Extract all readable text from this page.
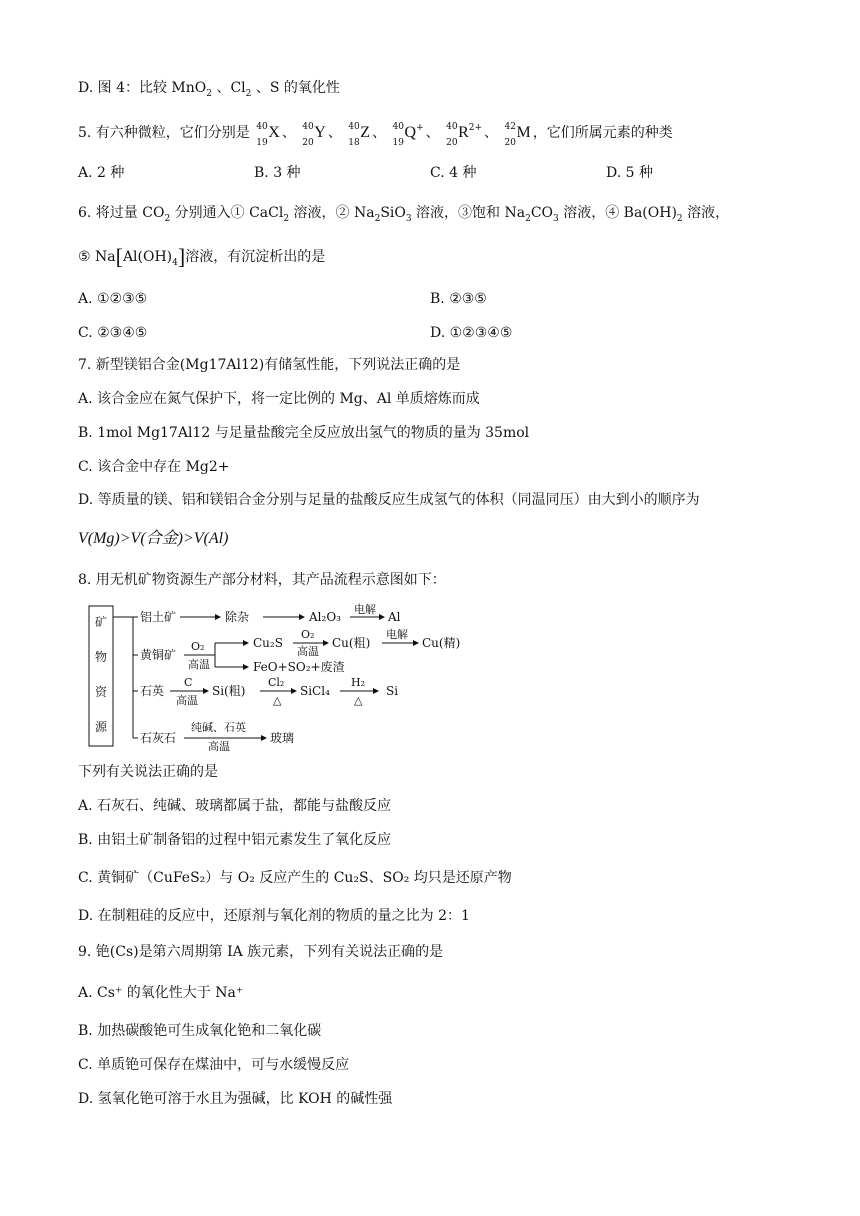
D. 图 4：比较 MnO$_2$ 、$Cl_2$ 、S 的氧化性
5. 有六种微粒，它们分别是 40
19
X 、 40
20
Y 、 40
18
Z 、 40
19
Q+ 、 40
20
$R^{2+}$ 、 42
20
M ，它们所属元素的种类
A. 2 种	B. 3 种	C. 4 种	D. 5 种
6. 将过量 $CO_2$ 分别通入① CaCl$_2$ 溶液，② $Na_2SiO_3$ 溶液，③饱和 $Na_2CO_3$ 溶液，④ $Ba(OH)_2$ 溶液，
⑤ $Na[Al(OH)_4]$溶液，有沉淀析出的是
A. ①②③⑤	B. ②③⑤
C. ②③④⑤	D. ①②③④⑤
7. 新型镁铝合金(Mg17Al12)有储氢性能，下列说法正确的是
A. 该合金应在氮气保护下，将一定比例的 Mg、Al 单质熔炼而成
B. 1mol Mg17Al12 与足量盐酸完全反应放出氢气的物质的量为 35mol
C. 该合金中存在 Mg2+
D. 等质量的镁、铝和镁铝合金分别与足量的盐酸反应生成氢气的体积（同温同压）由大到小的顺序为
V(Mg)>V(合金)>V(Al)
8. 用无机矿物资源生产部分材料，其产品流程示意图如下：
矿
物
资
源
铝土矿	除杂	Al₂O₃
电解
Al
黄铜矿
O₂
高温
Cu₂S
O₂
高温
Cu(粗)
电解
Cu(精)
FeO+SO₂+废渣
石英
C
高温
Si(粗)
Cl₂
△
SiCl₄
H₂
△
Si
石灰石
纯碱、石英
高温
玻璃
下列有关说法正确的是
A. 石灰石、纯碱、玻璃都属于盐，都能与盐酸反应
B. 由铝土矿制备铝的过程中铝元素发生了氧化反应
C. 黄铜矿（CuFeS₂）与 O₂ 反应产生的 Cu₂S、SO₂ 均只是还原产物
D. 在制粗硅的反应中，还原剂与氧化剂的物质的量之比为 2：1
9. 铯(Cs)是第六周期第 IA 族元素，下列有关说法正确的是
A. Cs⁺ 的氧化性大于 Na⁺
B. 加热碳酸铯可生成氧化铯和二氧化碳
C. 单质铯可保存在煤油中，可与水缓慢反应
D. 氢氧化铯可溶于水且为强碱，比 KOH 的碱性强
